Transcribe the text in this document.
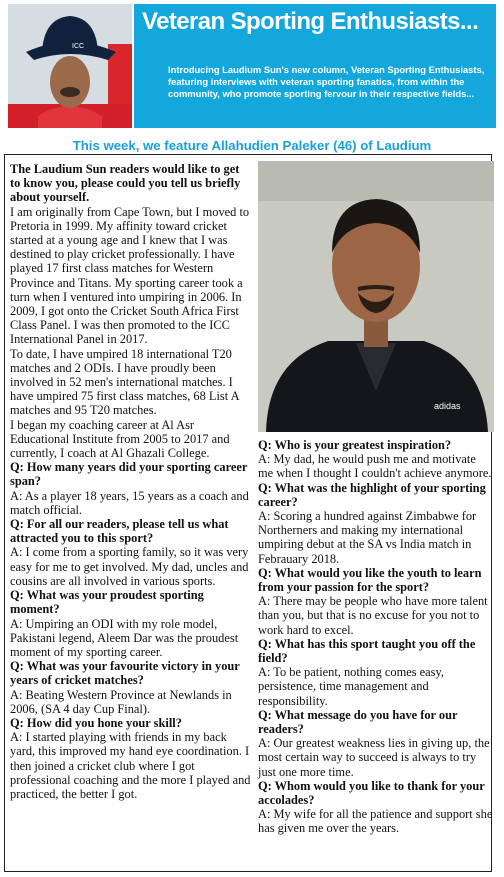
ICC
Veteran Sporting Enthusiasts...
Introducing Laudium Sun's new column, Veteran Sporting Enthusiasts, featuring interviews with veteran sporting fanatics, from within the community, who promote sporting fervour in their respective fields...
This week, we feature Allahudien Paleker (46) of Laudium

The Laudium Sun readers would like to get to know you, please could you tell us briefly about yourself.

I am originally from Cape Town, but I moved to Pretoria in 1999. My affinity toward cricket started at a young age and I knew that I was destined to play cricket professionally. I have played 17 first class matches for Western Province and Titans. My sporting career took a turn when I ventured into umpiring in 2006. In 2009, I got onto the Cricket South Africa First Class Panel. I was then promoted to the ICC International Panel in 2017.

To date, I have umpired 18 international T20 matches and 2 ODIs. I have proudly been involved in 52 men's international matches. I have umpired 75 first class matches, 68 List A matches and 95 T20 matches.

I began my coaching career at Al Asr Educational Institute from 2005 to 2017 and currently, I coach at Al Ghazali College.

Q: How many years did your sporting career span?

A: As a player 18 years, 15 years as a coach and match official.

Q: For all our readers, please tell us what attracted you to this sport?

A: I come from a sporting family, so it was very easy for me to get involved. My dad, uncles and cousins are all involved in various sports.

Q: What was your proudest sporting moment?

A: Umpiring an ODI with my role model, Pakistani legend, Aleem Dar was the proudest moment of my sporting career.

Q: What was your favourite victory in your years of cricket matches?

A: Beating Western Province at Newlands in 2006, (SA 4 day Cup Final).

Q: How did you hone your skill?

A: I started playing with friends in my back yard, this improved my hand eye coordination. I then joined a cricket club where I got professional coaching and the more I played and practiced, the better I got.

adidas

Q: Who is your greatest inspiration?

A: My dad, he would push me and motivate me when I thought I couldn't achieve anymore.

Q: What was the highlight of your sporting career?

A: Scoring a hundred against Zimbabwe for Northerners and making my international umpiring debut at the SA vs India match in Febrauary 2018.

Q: What would you like the youth to learn from your passion for the sport?

A: There may be people who have more talent than you, but that is no excuse for you not to work hard to excel.

Q: What has this sport taught you off the field?

A: To be patient, nothing comes easy, persistence, time management and responsibility.

Q: What message do you have for our readers?

A: Our greatest weakness lies in giving up, the most certain way to succeed is always to try just one more time.

Q: Whom would you like to thank for your accolades?

A: My wife for all the patience and support she has given me over the years.
